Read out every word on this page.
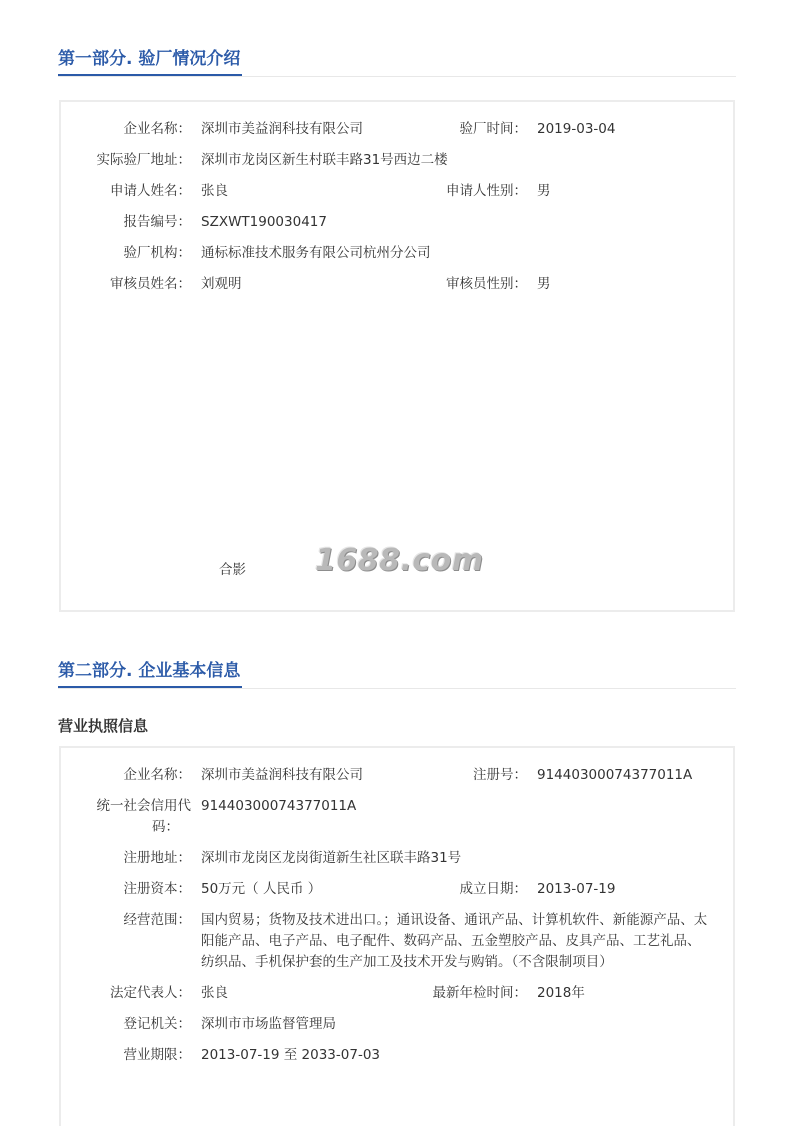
第一部分. 验厂情况介绍
企业名称： 深圳市美益润科技有限公司	验厂时间： 2019-03-04
实际验厂地址： 深圳市龙岗区新生村联丰路31号西边二楼
申请人姓名： 张良	申请人性别： 男
报告编号： SZXWT190030417
验厂机构： 通标标准技术服务有限公司杭州分公司
审核员姓名： 刘观明	审核员性别： 男
合影 1688.com
第二部分. 企业基本信息
营业执照信息
企业名称： 深圳市美益润科技有限公司	注册号： 91440300074377011A
统一社会信用代
码：
91440300074377011A
注册地址： 深圳市龙岗区龙岗街道新生社区联丰路31号
注册资本： 50万元（ 人民币 ）	成立日期： 2013-07-19
经营范围： 国内贸易；货物及技术进出口。；通讯设备、通讯产品、计算机软件、新能源产品、太阳能产品、电子产品、电子配件、数码产品、五金塑胶产品、皮具产品、工艺礼品、纺织品、手机保护套的生产加工及技术开发与购销。（不含限制项目）
法定代表人： 张良	最新年检时间： 2018年
登记机关： 深圳市市场监督管理局
营业期限： 2013-07-19 至 2033-07-03
